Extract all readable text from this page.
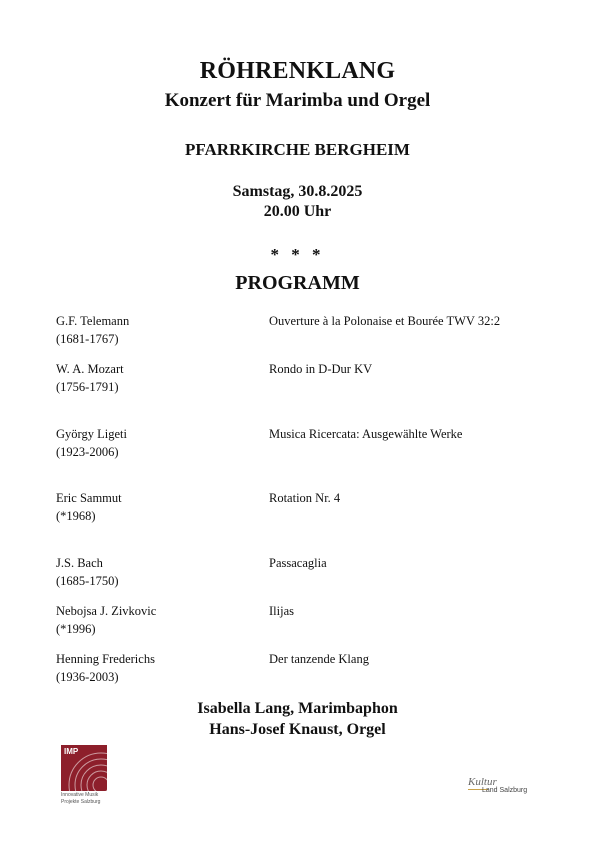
RÖHRENKLANG
Konzert für Marimba und Orgel
PFARRKIRCHE BERGHEIM
Samstag, 30.8.2025
20.00 Uhr
* * *
PROGRAMM
G.F. Telemann
(1681-1767)
Ouverture à la Polonaise et Bourée TWV 32:2
W. A. Mozart
(1756-1791)
Rondo in D-Dur KV
György Ligeti
(1923-2006)
Musica Ricercata: Ausgewählte Werke
Eric Sammut
(*1968)
Rotation Nr. 4
J.S. Bach
(1685-1750)
Passacaglia
Nebojsa J. Zivkovic
(*1996)
Ilijas
Henning Frederichs
(1936-2003)
Der tanzende Klang
Isabella Lang, Marimbaphon
Hans-Josef Knaust, Orgel
IMP
Innovative Musik
Projekte Salzburg
Kultur
Land Salzburg
